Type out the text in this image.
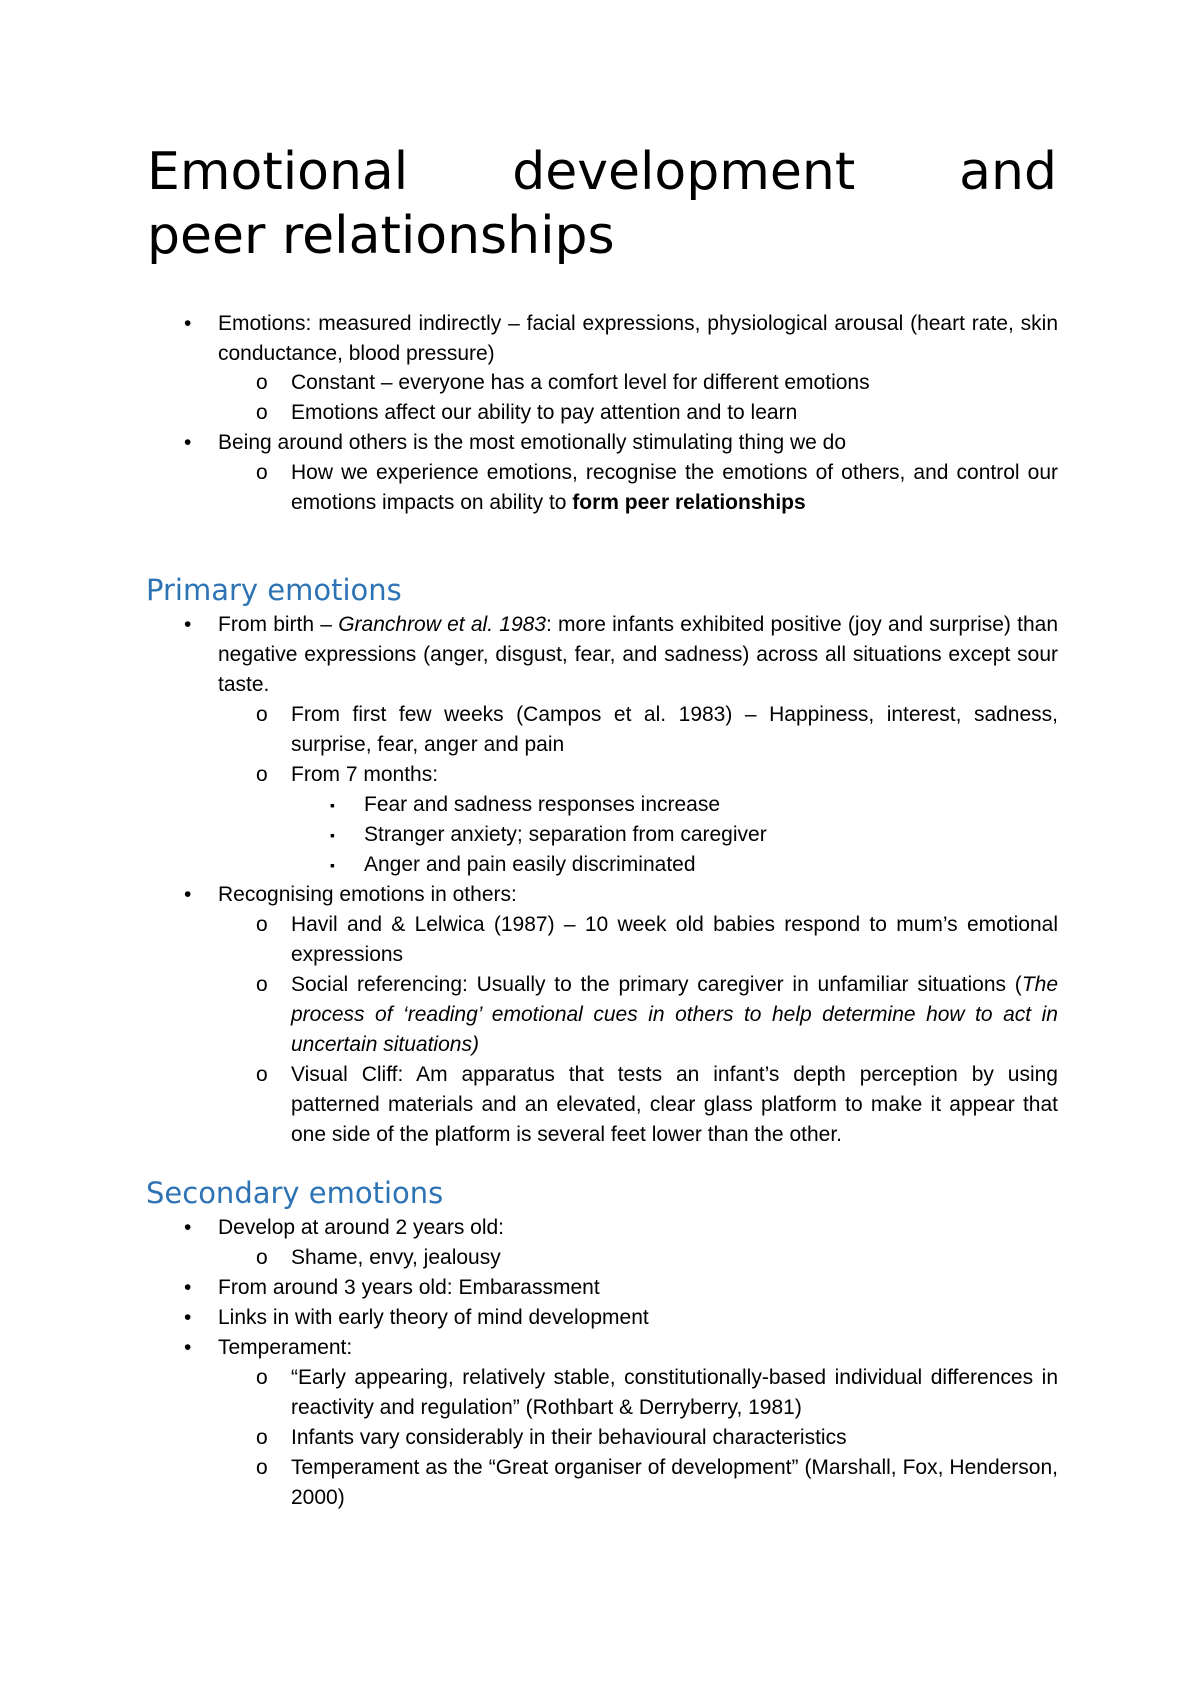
Emotional development and
peer relationships
• Emotions: measured indirectly – facial expressions, physiological arousal (heart rate, skin conductance, blood pressure)

o Constant – everyone has a comfort level for different emotions

o Emotions affect our ability to pay attention and to learn

• Being around others is the most emotionally stimulating thing we do

o How we experience emotions, recognise the emotions of others, and control our emotions impacts on ability to form peer relationships

Primary emotions
• From birth – Granchrow et al. 1983: more infants exhibited positive (joy and surprise) than negative expressions (anger, disgust, fear, and sadness) across all situations except sour taste.

o From first few weeks (Campos et al. 1983) – Happiness, interest, sadness, surprise, fear, anger and pain

o From 7 months:

▪ Fear and sadness responses increase

▪ Stranger anxiety; separation from caregiver

▪ Anger and pain easily discriminated

• Recognising emotions in others:

o Havil and & Lelwica (1987) – 10 week old babies respond to mum’s emotional expressions

o Social referencing: Usually to the primary caregiver in unfamiliar situations (The process of ‘reading’ emotional cues in others to help determine how to act in uncertain situations)

o Visual Cliff: Am apparatus that tests an infant’s depth perception by using patterned materials and an elevated, clear glass platform to make it appear that one side of the platform is several feet lower than the other.

Secondary emotions
• Develop at around 2 years old:

o Shame, envy, jealousy

• From around 3 years old: Embarassment

• Links in with early theory of mind development

• Temperament:

o “Early appearing, relatively stable, constitutionally-based individual differences in reactivity and regulation” (Rothbart & Derryberry, 1981)

o Infants vary considerably in their behavioural characteristics

o Temperament as the “Great organiser of development” (Marshall, Fox, Henderson, 2000)
